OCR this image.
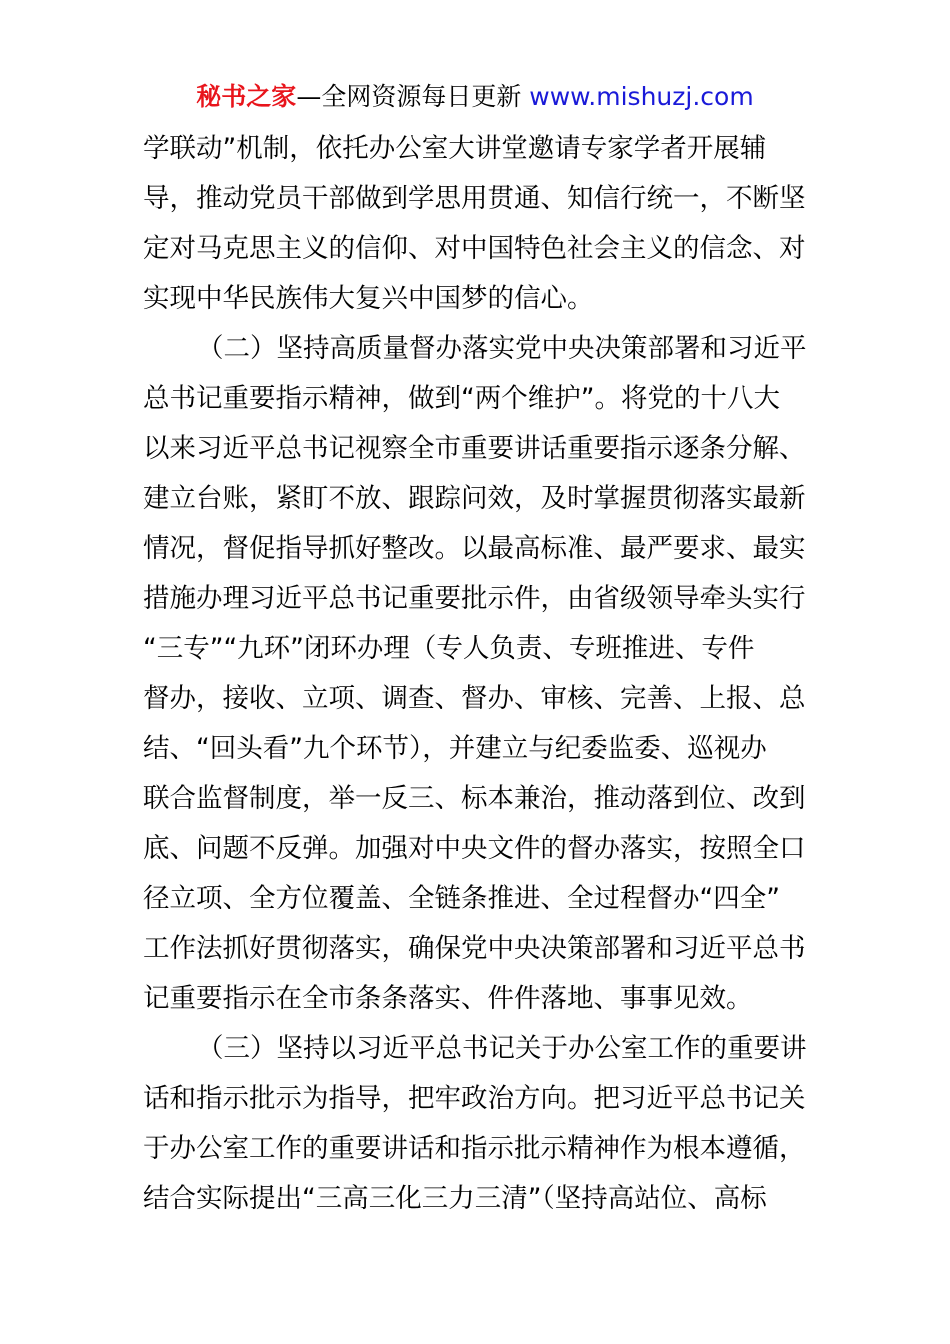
秘书之家—全网资源每日更新 www.mishuzj.com
学联动”机制，依托办公室大讲堂邀请专家学者开展辅
导，推动党员干部做到学思用贯通、知信行统一，不断坚
定对马克思主义的信仰、对中国特色社会主义的信念、对
实现中华民族伟大复兴中国梦的信心。
（二）坚持高质量督办落实党中央决策部署和习近平
总书记重要指示精神，做到“两个维护”。将党的十八大
以来习近平总书记视察全市重要讲话重要指示逐条分解、
建立台账，紧盯不放、跟踪问效，及时掌握贯彻落实最新
情况，督促指导抓好整改。以最高标准、最严要求、最实
措施办理习近平总书记重要批示件，由省级领导牵头实行
“三专”“九环”闭环办理（专人负责、专班推进、专件
督办，接收、立项、调查、督办、审核、完善、上报、总
结、“回头看”九个环节），并建立与纪委监委、巡视办
联合监督制度，举一反三、标本兼治，推动落到位、改到
底、问题不反弹。加强对中央文件的督办落实，按照全口
径立项、全方位覆盖、全链条推进、全过程督办“四全”
工作法抓好贯彻落实，确保党中央决策部署和习近平总书
记重要指示在全市条条落实、件件落地、事事见效。
（三）坚持以习近平总书记关于办公室工作的重要讲
话和指示批示为指导，把牢政治方向。把习近平总书记关
于办公室工作的重要讲话和指示批示精神作为根本遵循，
结合实际提出“三高三化三力三清”（坚持高站位、高标
